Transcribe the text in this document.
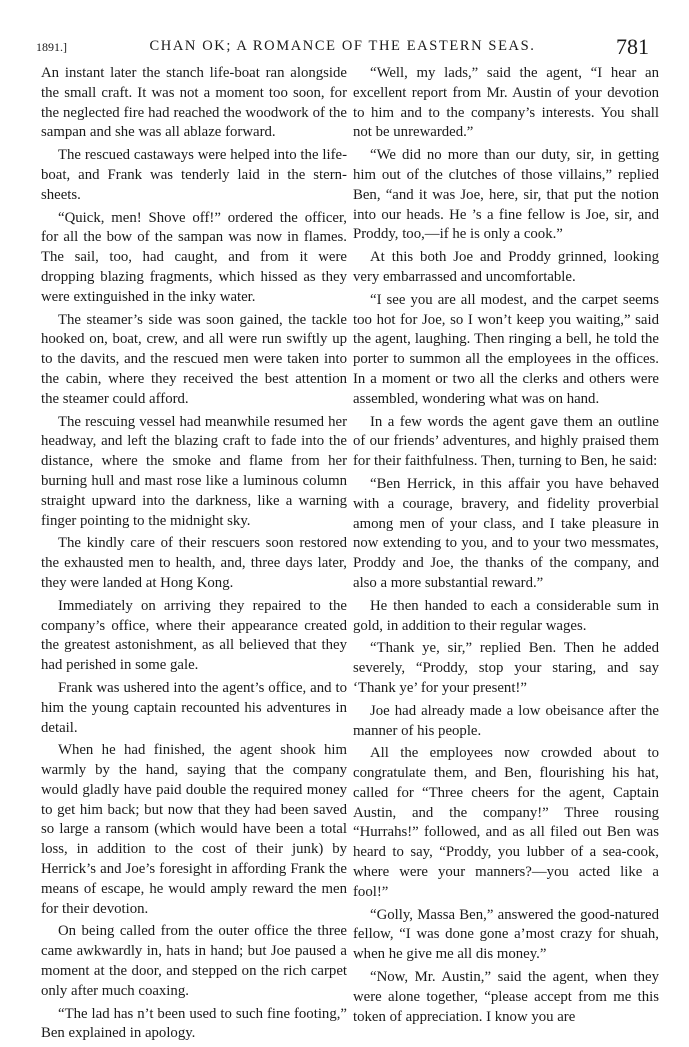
1891.]	CHAN OK; A ROMANCE OF THE EASTERN SEAS.	781

An instant later the stanch life-boat ran alongside the small craft. It was not a moment too soon, for the neglected fire had reached the woodwork of the sampan and she was all ablaze forward.

The rescued castaways were helped into the life-boat, and Frank was tenderly laid in the stern-sheets.

“Quick, men! Shove off!” ordered the officer, for all the bow of the sampan was now in flames. The sail, too, had caught, and from it were dropping blazing fragments, which hissed as they were extinguished in the inky water.

The steamer’s side was soon gained, the tackle hooked on, boat, crew, and all were run swiftly up to the davits, and the rescued men were taken into the cabin, where they received the best attention the steamer could afford.

The rescuing vessel had meanwhile resumed her headway, and left the blazing craft to fade into the distance, where the smoke and flame from her burning hull and mast rose like a luminous column straight upward into the darkness, like a warning finger pointing to the midnight sky.

The kindly care of their rescuers soon restored the exhausted men to health, and, three days later, they were landed at Hong Kong.

Immediately on arriving they repaired to the company’s office, where their appearance created the greatest astonishment, as all believed that they had perished in some gale.

Frank was ushered into the agent’s office, and to him the young captain recounted his adventures in detail.

When he had finished, the agent shook him warmly by the hand, saying that the company would gladly have paid double the required money to get him back; but now that they had been saved so large a ransom (which would have been a total loss, in addition to the cost of their junk) by Herrick’s and Joe’s foresight in affording Frank the means of escape, he would amply reward the men for their devotion.

On being called from the outer office the three came awkwardly in, hats in hand; but Joe paused a moment at the door, and stepped on the rich carpet only after much coaxing.

“The lad has n’t been used to such fine footing,” Ben explained in apology.

“Well, my lads,” said the agent, “I hear an excellent report from Mr. Austin of your devotion to him and to the company’s interests. You shall not be unrewarded.”

“We did no more than our duty, sir, in getting him out of the clutches of those villains,” replied Ben, “and it was Joe, here, sir, that put the notion into our heads. He ’s a fine fellow is Joe, sir, and Proddy, too,—if he is only a cook.”

At this both Joe and Proddy grinned, looking very embarrassed and uncomfortable.

“I see you are all modest, and the carpet seems too hot for Joe, so I won’t keep you waiting,” said the agent, laughing. Then ringing a bell, he told the porter to summon all the employees in the offices. In a moment or two all the clerks and others were assembled, wondering what was on hand.

In a few words the agent gave them an outline of our friends’ adventures, and highly praised them for their faithfulness. Then, turning to Ben, he said:

“Ben Herrick, in this affair you have behaved with a courage, bravery, and fidelity proverbial among men of your class, and I take pleasure in now extending to you, and to your two messmates, Proddy and Joe, the thanks of the company, and also a more substantial reward.”

He then handed to each a considerable sum in gold, in addition to their regular wages.

“Thank ye, sir,” replied Ben. Then he added severely, “Proddy, stop your staring, and say ‘Thank ye’ for your present!”

Joe had already made a low obeisance after the manner of his people.

All the employees now crowded about to congratulate them, and Ben, flourishing his hat, called for “Three cheers for the agent, Captain Austin, and the company!” Three rousing “Hurrahs!” followed, and as all filed out Ben was heard to say, “Proddy, you lubber of a sea-cook, where were your manners?—you acted like a fool!”

“Golly, Massa Ben,” answered the good-natured fellow, “I was done gone a’most crazy for shuah, when he give me all dis money.”

“Now, Mr. Austin,” said the agent, when they were alone together, “please accept from me this token of appreciation. I know you are
